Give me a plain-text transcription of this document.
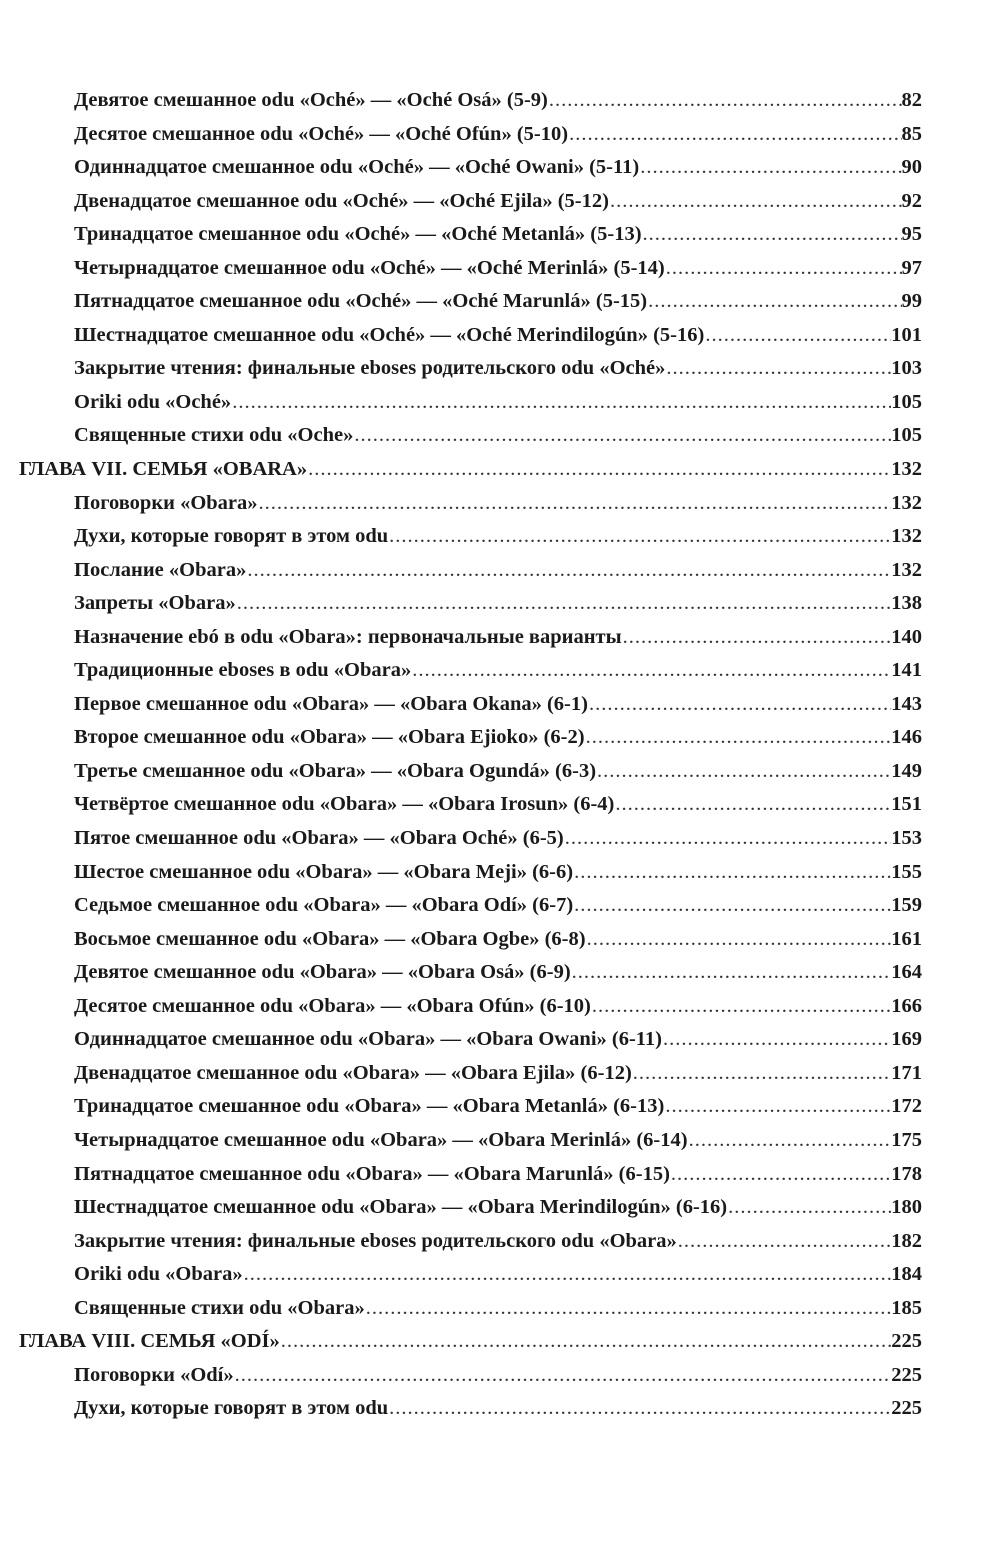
Девятое смешанное odu «Oché» — «Oché Osá» (5-9) .....	82
Десятое смешанное odu «Oché» — «Oché Ofún» (5-10) .....	85
Одиннадцатое смешанное odu «Oché» — «Oché Owani» (5-11) .....	90
Двенадцатое смешанное odu «Oché» — «Oché Ejila» (5-12) .....	92
Тринадцатое смешанное odu «Oché» — «Oché Metanlá» (5-13) .....	95
Четырнадцатое смешанное odu «Oché» — «Oché Merinlá» (5-14) .....	97
Пятнадцатое смешанное odu «Oché» — «Oché Marunlá» (5-15) .....	99
Шестнадцатое смешанное odu «Oché» — «Oché Merindilogún» (5-16) .....	101
Закрытие чтения: финальные eboses родительского odu «Oché» .....	103
Oriki odu «Oché» .....	105
Священные стихи odu «Oche» .....	105
ГЛАВА VII. СЕМЬЯ «OBARA» .....	132
Поговорки «Obara» .....	132
Духи, которые говорят в этом odu .....	132
Послание «Obara» .....	132
Запреты «Obara» .....	138
Назначение ebó в odu «Obara»: первоначальные варианты .....	140
Традиционные eboses в odu «Obara» .....	141
Первое смешанное odu «Obara» — «Obara Okana» (6-1) .....	143
Второе смешанное odu «Obara» — «Obara Ejioko» (6-2) .....	146
Третье смешанное odu «Obara» — «Obara Ogundá» (6-3) .....	149
Четвёртое смешанное odu «Obara» — «Obara Irosun» (6-4) .....	151
Пятое смешанное odu «Obara» — «Obara Oché» (6-5) .....	153
Шестое смешанное odu «Obara» — «Obara Meji» (6-6) .....	155
Седьмое смешанное odu «Obara» — «Obara Odí» (6-7) .....	159
Восьмое смешанное odu «Obara» — «Obara Ogbe» (6-8) .....	161
Девятое смешанное odu «Obara» — «Obara Osá» (6-9) .....	164
Десятое смешанное odu «Obara» — «Obara Ofún» (6-10) .....	166
Одиннадцатое смешанное odu «Obara» — «Obara Owani» (6-11) .....	169
Двенадцатое смешанное odu «Obara» — «Obara Ejila» (6-12) .....	171
Тринадцатое смешанное odu «Obara» — «Obara Metanlá» (6-13) .....	172
Четырнадцатое смешанное odu «Obara» — «Obara Merinlá» (6-14) .....	175
Пятнадцатое смешанное odu «Obara» — «Obara Marunlá» (6-15) .....	178
Шестнадцатое смешанное odu «Obara» — «Obara Merindilogún» (6-16) .....	180
Закрытие чтения: финальные eboses родительского odu «Obara» .....	182
Oriki odu «Obara» .....	184
Священные стихи odu «Obara» .....	185
ГЛАВА VIII. СЕМЬЯ «ODÍ» .....	225
Поговорки «Odí» .....	225
Духи, которые говорят в этом odu .....	225
